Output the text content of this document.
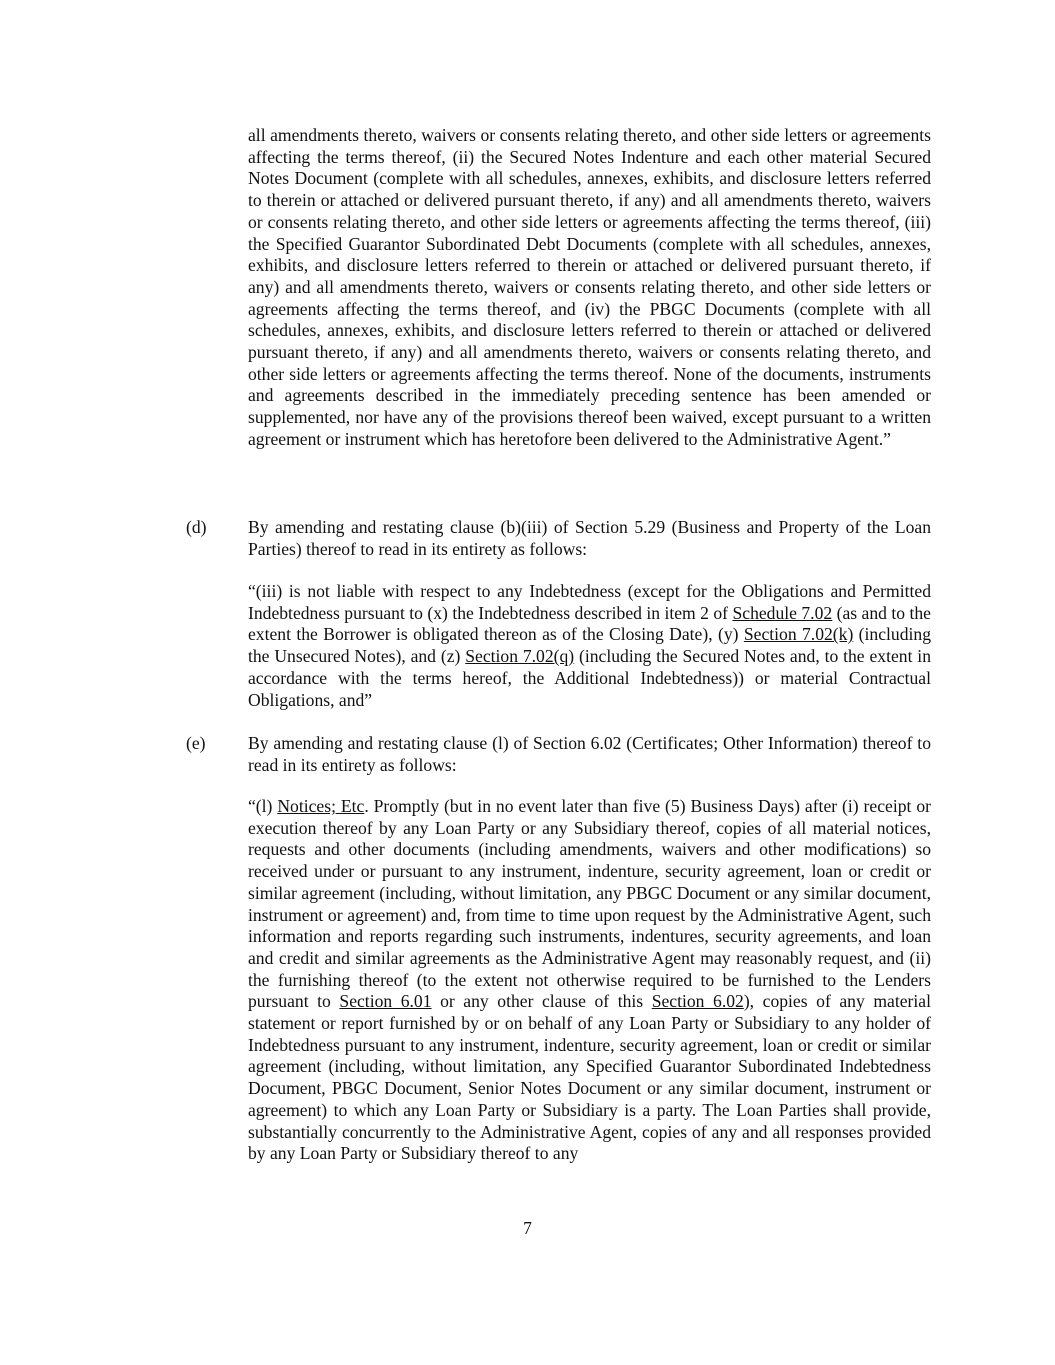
all amendments thereto, waivers or consents relating thereto, and other side letters or agreements affecting the terms thereof, (ii) the Secured Notes Indenture and each other material Secured Notes Document (complete with all schedules, annexes, exhibits, and disclosure letters referred to therein or attached or delivered pursuant thereto, if any) and all amendments thereto, waivers or consents relating thereto, and other side letters or agreements affecting the terms thereof, (iii) the Specified Guarantor Subordinated Debt Documents (complete with all schedules, annexes, exhibits, and disclosure letters referred to therein or attached or delivered pursuant thereto, if any) and all amendments thereto, waivers or consents relating thereto, and other side letters or agreements affecting the terms thereof, and (iv) the PBGC Documents (complete with all schedules, annexes, exhibits, and disclosure letters referred to therein or attached or delivered pursuant thereto, if any) and all amendments thereto, waivers or consents relating thereto, and other side letters or agreements affecting the terms thereof. None of the documents, instruments and agreements described in the immediately preceding sentence has been amended or supplemented, nor have any of the provisions thereof been waived, except pursuant to a written agreement or instrument which has heretofore been delivered to the Administrative Agent.”

(d) By amending and restating clause (b)(iii) of Section 5.29 (Business and Property of the Loan Parties) thereof to read in its entirety as follows:

“(iii) is not liable with respect to any Indebtedness (except for the Obligations and Permitted Indebtedness pursuant to (x) the Indebtedness described in item 2 of Schedule 7.02 (as and to the extent the Borrower is obligated thereon as of the Closing Date), (y) Section 7.02(k) (including the Unsecured Notes), and (z) Section 7.02(q) (including the Secured Notes and, to the extent in accordance with the terms hereof, the Additional Indebtedness)) or material Contractual Obligations, and”

(e) By amending and restating clause (l) of Section 6.02 (Certificates; Other Information) thereof to read in its entirety as follows:

“(l) Notices; Etc. Promptly (but in no event later than five (5) Business Days) after (i) receipt or execution thereof by any Loan Party or any Subsidiary thereof, copies of all material notices, requests and other documents (including amendments, waivers and other modifications) so received under or pursuant to any instrument, indenture, security agreement, loan or credit or similar agreement (including, without limitation, any PBGC Document or any similar document, instrument or agreement) and, from time to time upon request by the Administrative Agent, such information and reports regarding such instruments, indentures, security agreements, and loan and credit and similar agreements as the Administrative Agent may reasonably request, and (ii) the furnishing thereof (to the extent not otherwise required to be furnished to the Lenders pursuant to Section 6.01 or any other clause of this Section 6.02), copies of any material statement or report furnished by or on behalf of any Loan Party or Subsidiary to any holder of Indebtedness pursuant to any instrument, indenture, security agreement, loan or credit or similar agreement (including, without limitation, any Specified Guarantor Subordinated Indebtedness Document, PBGC Document, Senior Notes Document or any similar document, instrument or agreement) to which any Loan Party or Subsidiary is a party. The Loan Parties shall provide, substantially concurrently to the Administrative Agent, copies of any and all responses provided by any Loan Party or Subsidiary thereof to any

7
